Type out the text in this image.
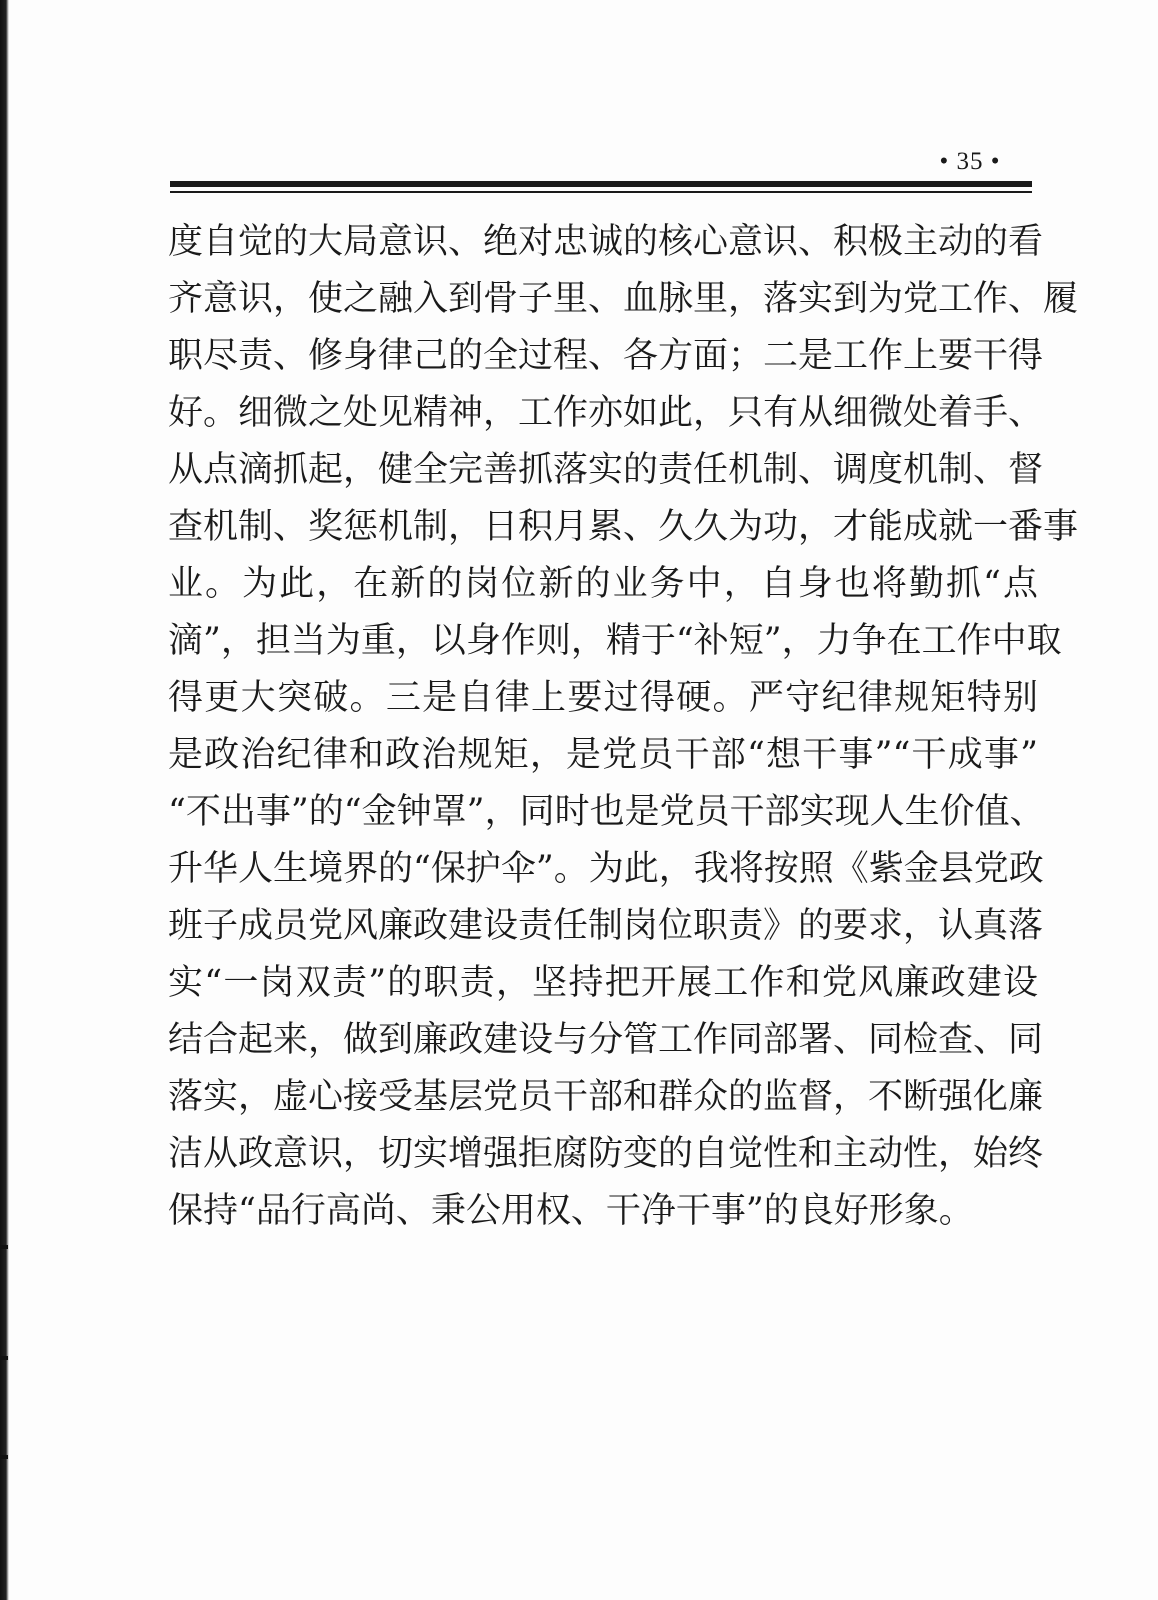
• 35 •
度自觉的大局意识、绝对忠诚的核心意识、积极主动的看
齐意识，使之融入到骨子里、血脉里，落实到为党工作、履
职尽责、修身律己的全过程、各方面；二是工作上要干得
好。细微之处见精神，工作亦如此，只有从细微处着手、
从点滴抓起，健全完善抓落实的责任机制、调度机制、督
查机制、奖惩机制，日积月累、久久为功，才能成就一番事
业。为此，在新的岗位新的业务中，自身也将勤抓“点
滴”，担当为重，以身作则，精于“补短”，力争在工作中取
得更大突破。三是自律上要过得硬。严守纪律规矩特别
是政治纪律和政治规矩，是党员干部“想干事”“干成事”
“不出事”的“金钟罩”，同时也是党员干部实现人生价值、
升华人生境界的“保护伞”。为此，我将按照《紫金县党政
班子成员党风廉政建设责任制岗位职责》的要求，认真落
实“一岗双责”的职责，坚持把开展工作和党风廉政建设
结合起来，做到廉政建设与分管工作同部署、同检查、同
落实，虚心接受基层党员干部和群众的监督，不断强化廉
洁从政意识，切实增强拒腐防变的自觉性和主动性，始终
保持“品行高尚、秉公用权、干净干事”的良好形象。
